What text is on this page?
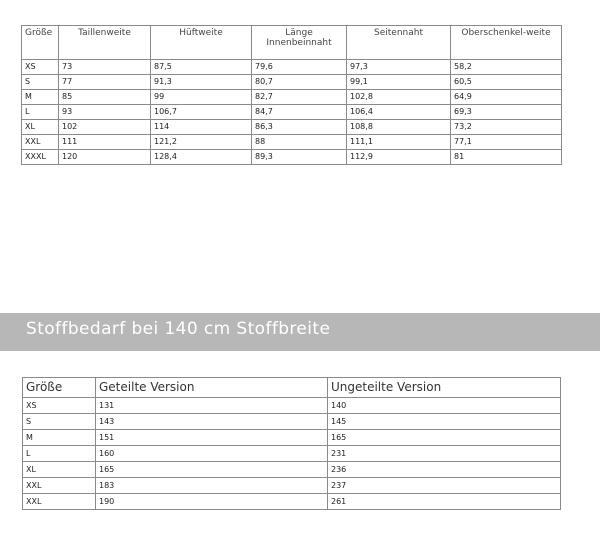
Größe	Taillenweite	Hüftweite	Länge Innenbeinnaht	Seitennaht	Oberschenkel-weite
XS	73	87,5	79,6	97,3	58,2
S	77	91,3	80,7	99,1	60,5
M	85	99	82,7	102,8	64,9
L	93	106,7	84,7	106,4	69,3
XL	102	114	86,3	108,8	73,2
XXL	111	121,2	88	111,1	77,1
XXXL	120	128,4	89,3	112,9	81
Stoffbedarf bei 140 cm Stoffbreite
Größe	Geteilte Version	Ungeteilte Version
XS	131	140
S	143	145
M	151	165
L	160	231
XL	165	236
XXL	183	237
XXL	190	261
